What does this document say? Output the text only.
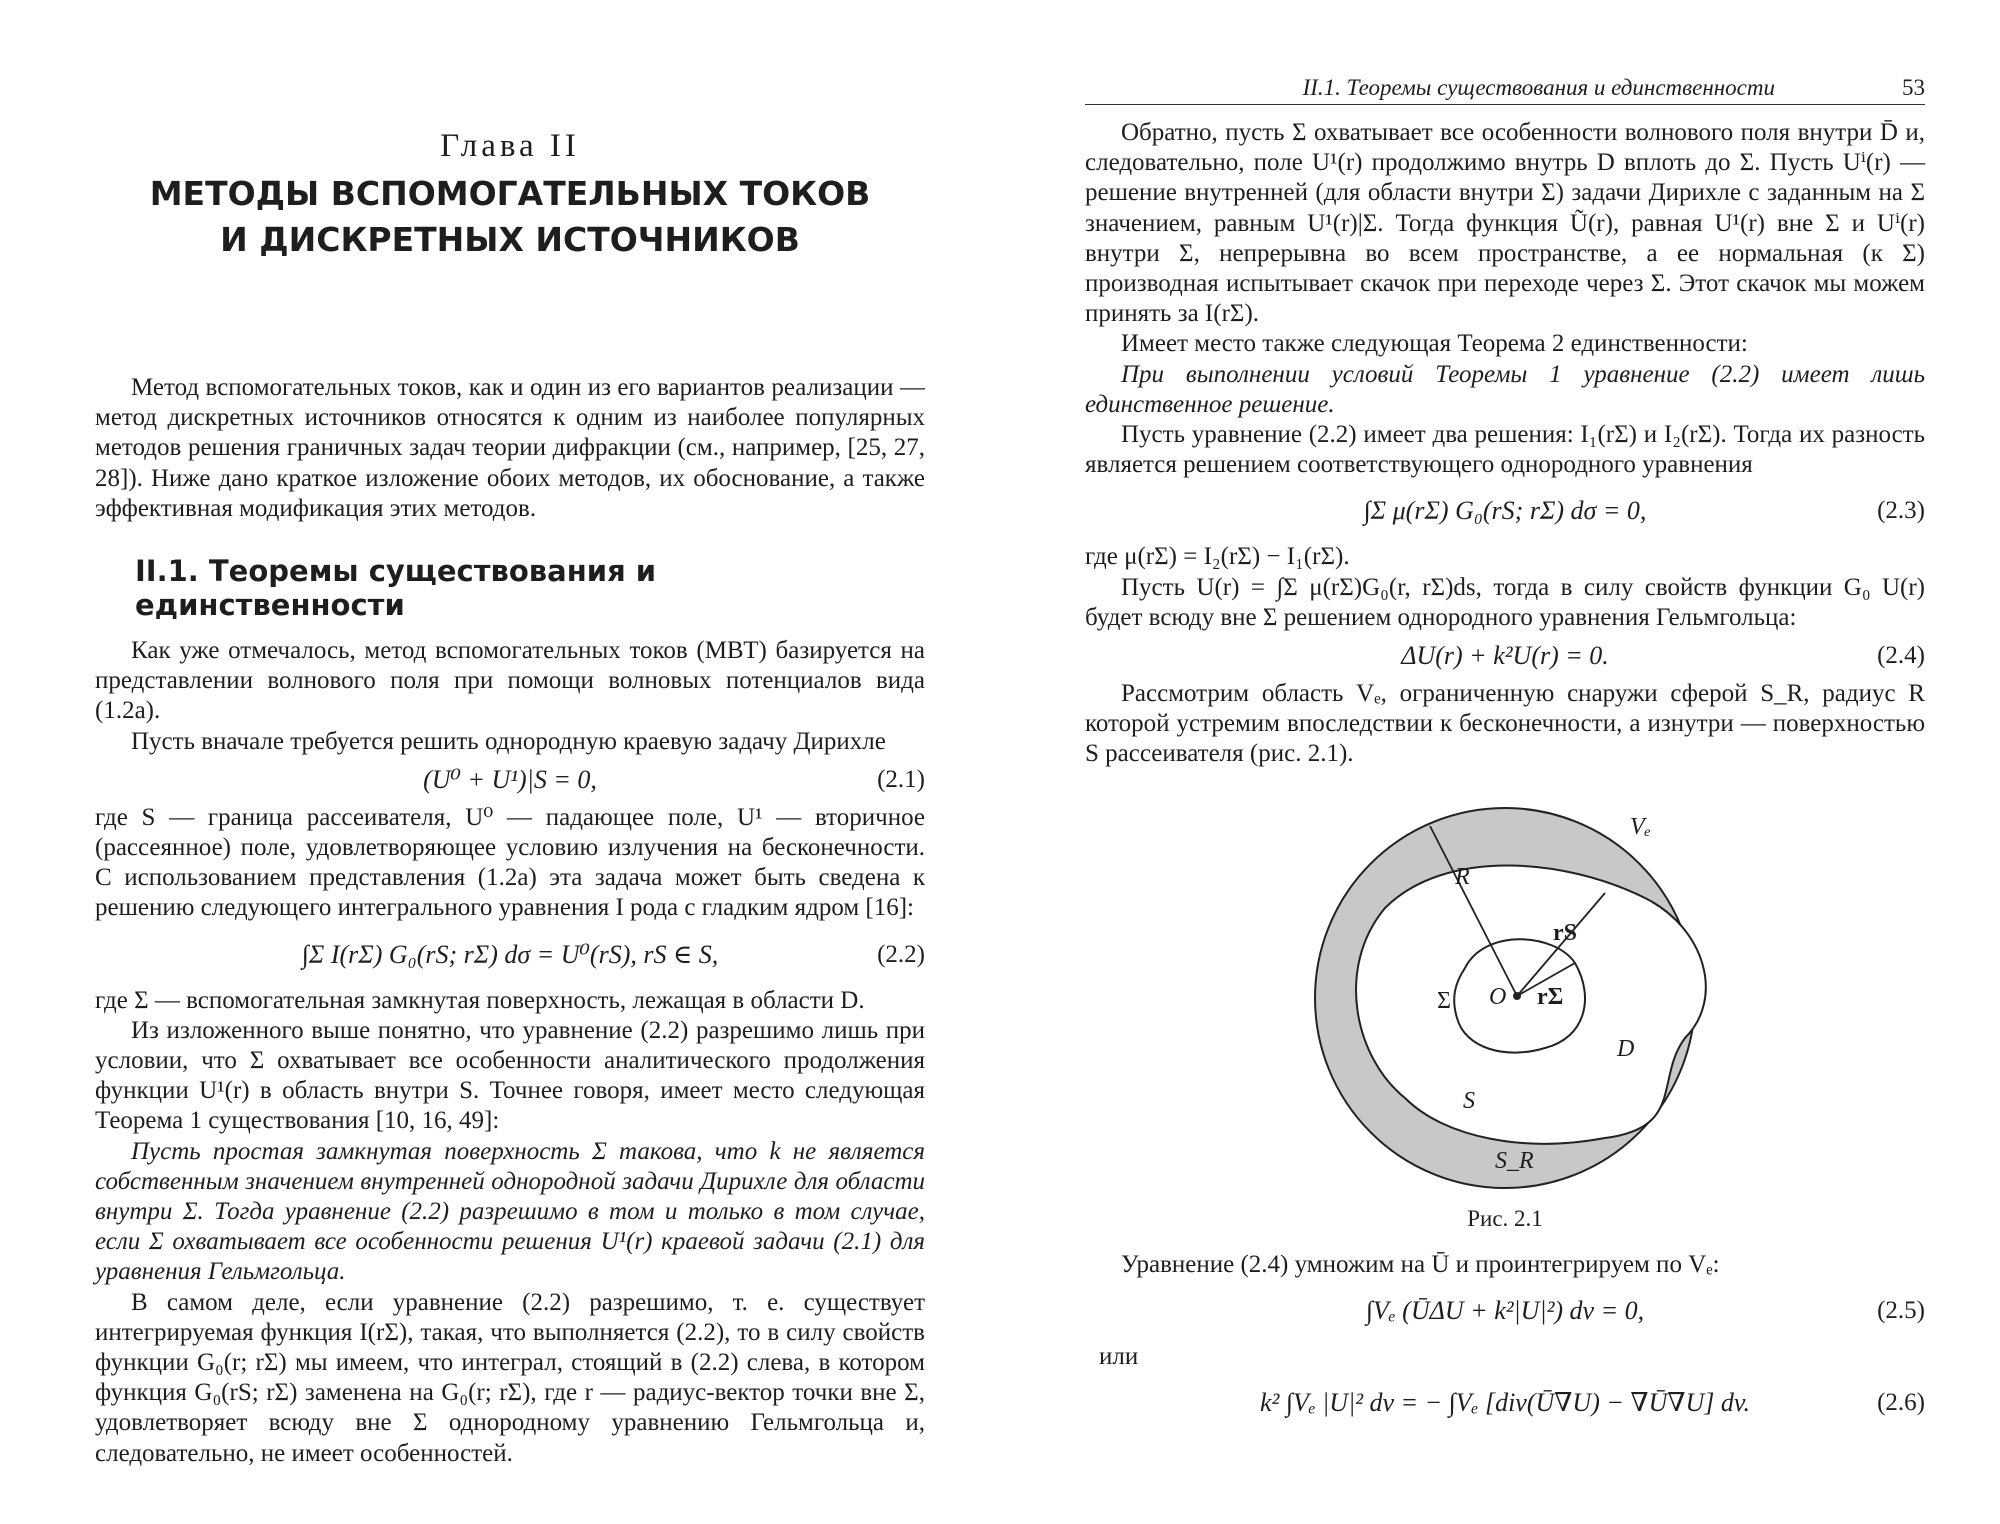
Глава II
МЕТОДЫ ВСПОМОГАТЕЛЬНЫХ ТОКОВ
И ДИСКРЕТНЫХ ИСТОЧНИКОВ

Метод вспомогательных токов, как и один из его вариантов реализации — метод дискретных источников относятся к одним из наиболее популярных методов решения граничных задач теории дифракции (см., например, [25, 27, 28]). Ниже дано краткое изложение обоих методов, их обоснование, а также эффективная модификация этих методов.

II.1. Теоремы существования и единственности

Как уже отмечалось, метод вспомогательных токов (МВТ) базируется на представлении волнового поля при помощи волновых потенциалов вида (1.2а).

Пусть вначале требуется решить однородную краевую задачу Дирихле

(U⁰ + U¹)|S = 0,	(2.1)

где S — граница рассеивателя, U⁰ — падающее поле, U¹ — вторичное (рассеянное) поле, удовлетворяющее условию излучения на бесконечности. С использованием представления (1.2а) эта задача может быть сведена к решению следующего интегрального уравнения I рода с гладким ядром [16]:

∫Σ I(rΣ) G₀(rS; rΣ) dσ = U⁰(rS), rS ∈ S,	(2.2)

где Σ — вспомогательная замкнутая поверхность, лежащая в области D.

Из изложенного выше понятно, что уравнение (2.2) разрешимо лишь при условии, что Σ охватывает все особенности аналитического продолжения функции U¹(r) в область внутри S. Точнее говоря, имеет место следующая Теорема 1 существования [10, 16, 49]:

Пусть простая замкнутая поверхность Σ такова, что k не является собственным значением внутренней однородной задачи Дирихле для области внутри Σ. Тогда уравнение (2.2) разрешимо в том и только в том случае, если Σ охватывает все особенности решения U¹(r) краевой задачи (2.1) для уравнения Гельмгольца.

В самом деле, если уравнение (2.2) разрешимо, т. е. существует интегрируемая функция I(rΣ), такая, что выполняется (2.2), то в силу свойств функции G₀(r; rΣ) мы имеем, что интеграл, стоящий в (2.2) слева, в котором функция G₀(rS; rΣ) заменена на G₀(r; rΣ), где r — радиус-вектор точки вне Σ, удовлетворяет всюду вне Σ однородному уравнению Гельмгольца и, следовательно, не имеет особенностей.

II.1. Теоремы существования и единственности	53

Обратно, пусть Σ охватывает все особенности волнового поля внутри D̄ и, следовательно, поле U¹(r) продолжимо внутрь D вплоть до Σ. Пусть Uⁱ(r) — решение внутренней (для области внутри Σ) задачи Дирихле с заданным на Σ значением, равным U¹(r)|Σ. Тогда функция Ũ(r), равная U¹(r) вне Σ и Uⁱ(r) внутри Σ, непрерывна во всем пространстве, а ее нормальная (к Σ) производная испытывает скачок при переходе через Σ. Этот скачок мы можем принять за I(rΣ).

Имеет место также следующая Теорема 2 единственности:

При выполнении условий Теоремы 1 уравнение (2.2) имеет лишь единственное решение.

Пусть уравнение (2.2) имеет два решения: I₁(rΣ) и I₂(rΣ). Тогда их разность является решением соответствующего однородного уравнения

∫Σ μ(rΣ) G₀(rS; rΣ) dσ = 0,	(2.3)

где μ(rΣ) = I₂(rΣ) − I₁(rΣ).

Пусть U(r) = ∫Σ μ(rΣ)G₀(r, rΣ)ds, тогда в силу свойств функции G₀ U(r) будет всюду вне Σ решением однородного уравнения Гельмгольца:

ΔU(r) + k²U(r) = 0.	(2.4)

Рассмотрим область Vₑ, ограниченную снаружи сферой S_R, радиус R которой устремим впоследствии к бесконечности, а изнутри — поверхностью S рассеивателя (рис. 2.1).

Vₑ
R
rS
rΣ
Σ O
D
S
S_R
Рис. 2.1

Уравнение (2.4) умножим на Ū и проинтегрируем по Vₑ:

∫Vₑ (ŪΔU + k²|U|²) dv = 0,	(2.5)

или

k² ∫Vₑ |U|² dv = − ∫Vₑ [div(Ū∇U) − ∇Ū∇U] dv.	(2.6)
